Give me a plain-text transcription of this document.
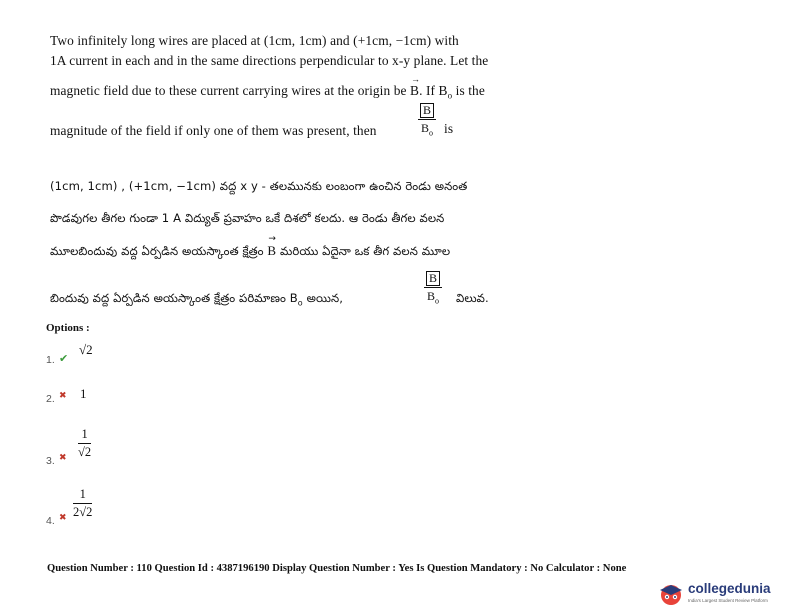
Two infinitely long wires are placed at (1cm, 1cm) and (+1cm, −1cm) with
1A current in each and in the same directions perpendicular to x-y plane. Let the
magnetic field due to these current carrying wires at the origin be
→
B. If $B_o$ is the
magnitude of the field if only one of them was present, then
B
$B_o$ is
(1cm, 1cm) , (+1cm, −1cm) వద్ద x y - తలమునకు లంబంగా ఉంచిన రెండు అనంత
పొడవుగల తీగల గుండా 1 A విద్యుత్ ప్రవాహం ఒకే దిశలో కలదు. ఆ రెండు తీగల వలన
మూలబిందువు వద్ద ఏర్పడిన అయస్కాంత క్షేత్రం
→
B మరియు ఏదైనా ఒక తీగ వలన మూల
బిందువు వద్ద ఏర్పడిన అయస్కాంత క్షేత్రం పరిమాణం $B_o$ అయిన,
B
$B_o$ విలువ.
Options :
1. ✔
√2
2. ✖ 1
3. ✖
1
√2
4. ✖
1
2√2
Question Number : 110 Question Id : 4387196190 Display Question Number : Yes Is Question Mandatory : No Calculator : None
collegedunia
India's Largest Student Review Platform
